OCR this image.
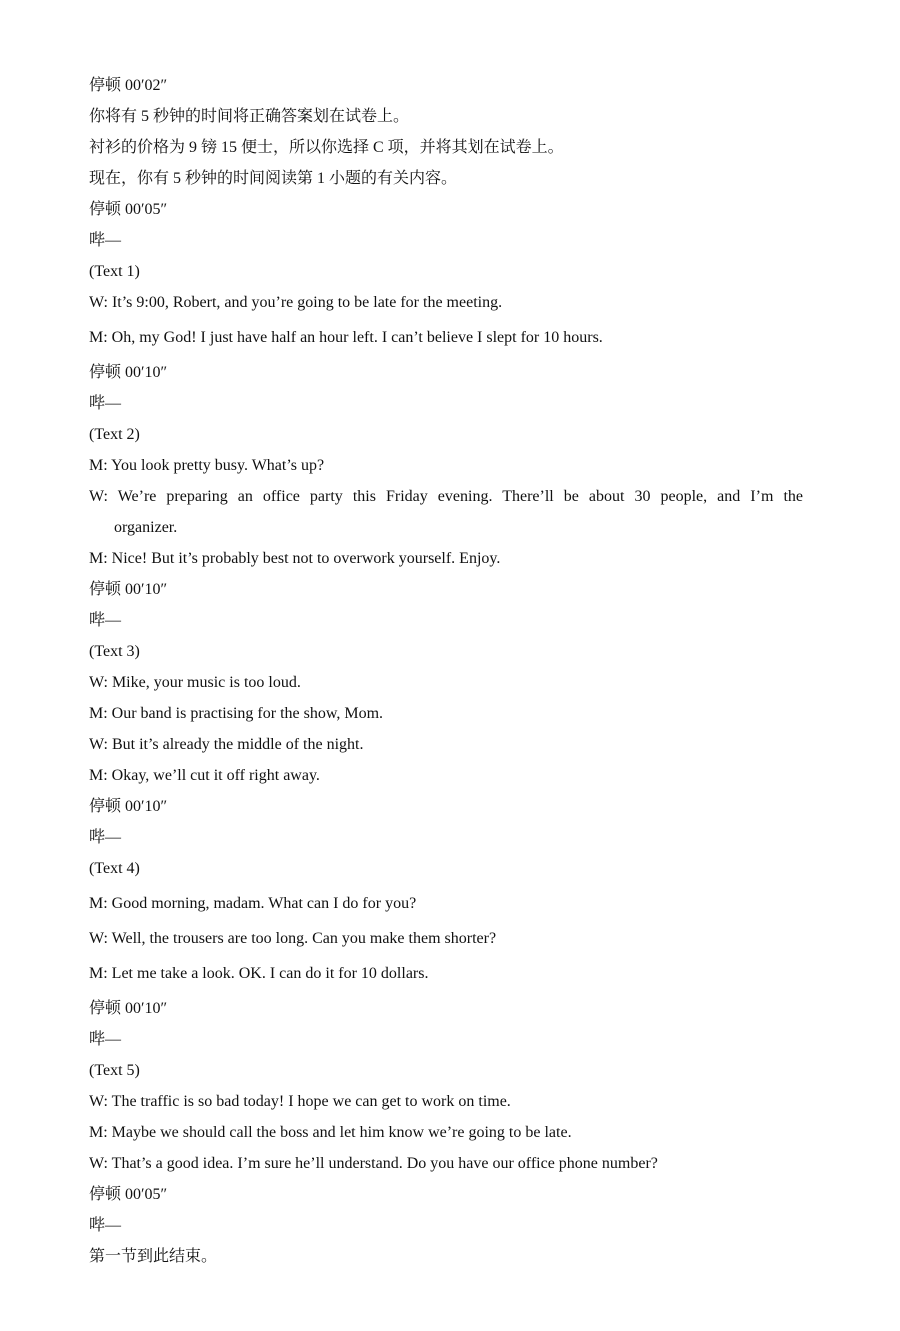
停顿 00′02″
你将有 5 秒钟的时间将正确答案划在试卷上。
衬衫的价格为 9 镑 15 便士，所以你选择 C 项，并将其划在试卷上。
现在，你有 5 秒钟的时间阅读第 1 小题的有关内容。
停顿 00′05″
哔—
(Text 1)
W: It’s 9:00, Robert, and you’re going to be late for the meeting.
M: Oh, my God! I just have half an hour left. I can’t believe I slept for 10 hours.
停顿 00′10″
哔—
(Text 2)
M: You look pretty busy. What’s up?
W: We’re preparing an office party this Friday evening. There’ll be about 30 people, and I’m the
organizer.
M: Nice! But it’s probably best not to overwork yourself. Enjoy.
停顿 00′10″
哔—
(Text 3)
W: Mike, your music is too loud.
M: Our band is practising for the show, Mom.
W: But it’s already the middle of the night.
M: Okay, we’ll cut it off right away.
停顿 00′10″
哔—
(Text 4)
M: Good morning, madam. What can I do for you?
W: Well, the trousers are too long. Can you make them shorter?
M: Let me take a look. OK. I can do it for 10 dollars.
停顿 00′10″
哔—
(Text 5)
W: The traffic is so bad today! I hope we can get to work on time.
M: Maybe we should call the boss and let him know we’re going to be late.
W: That’s a good idea. I’m sure he’ll understand. Do you have our office phone number?
停顿 00′05″
哔—
第一节到此结束。
